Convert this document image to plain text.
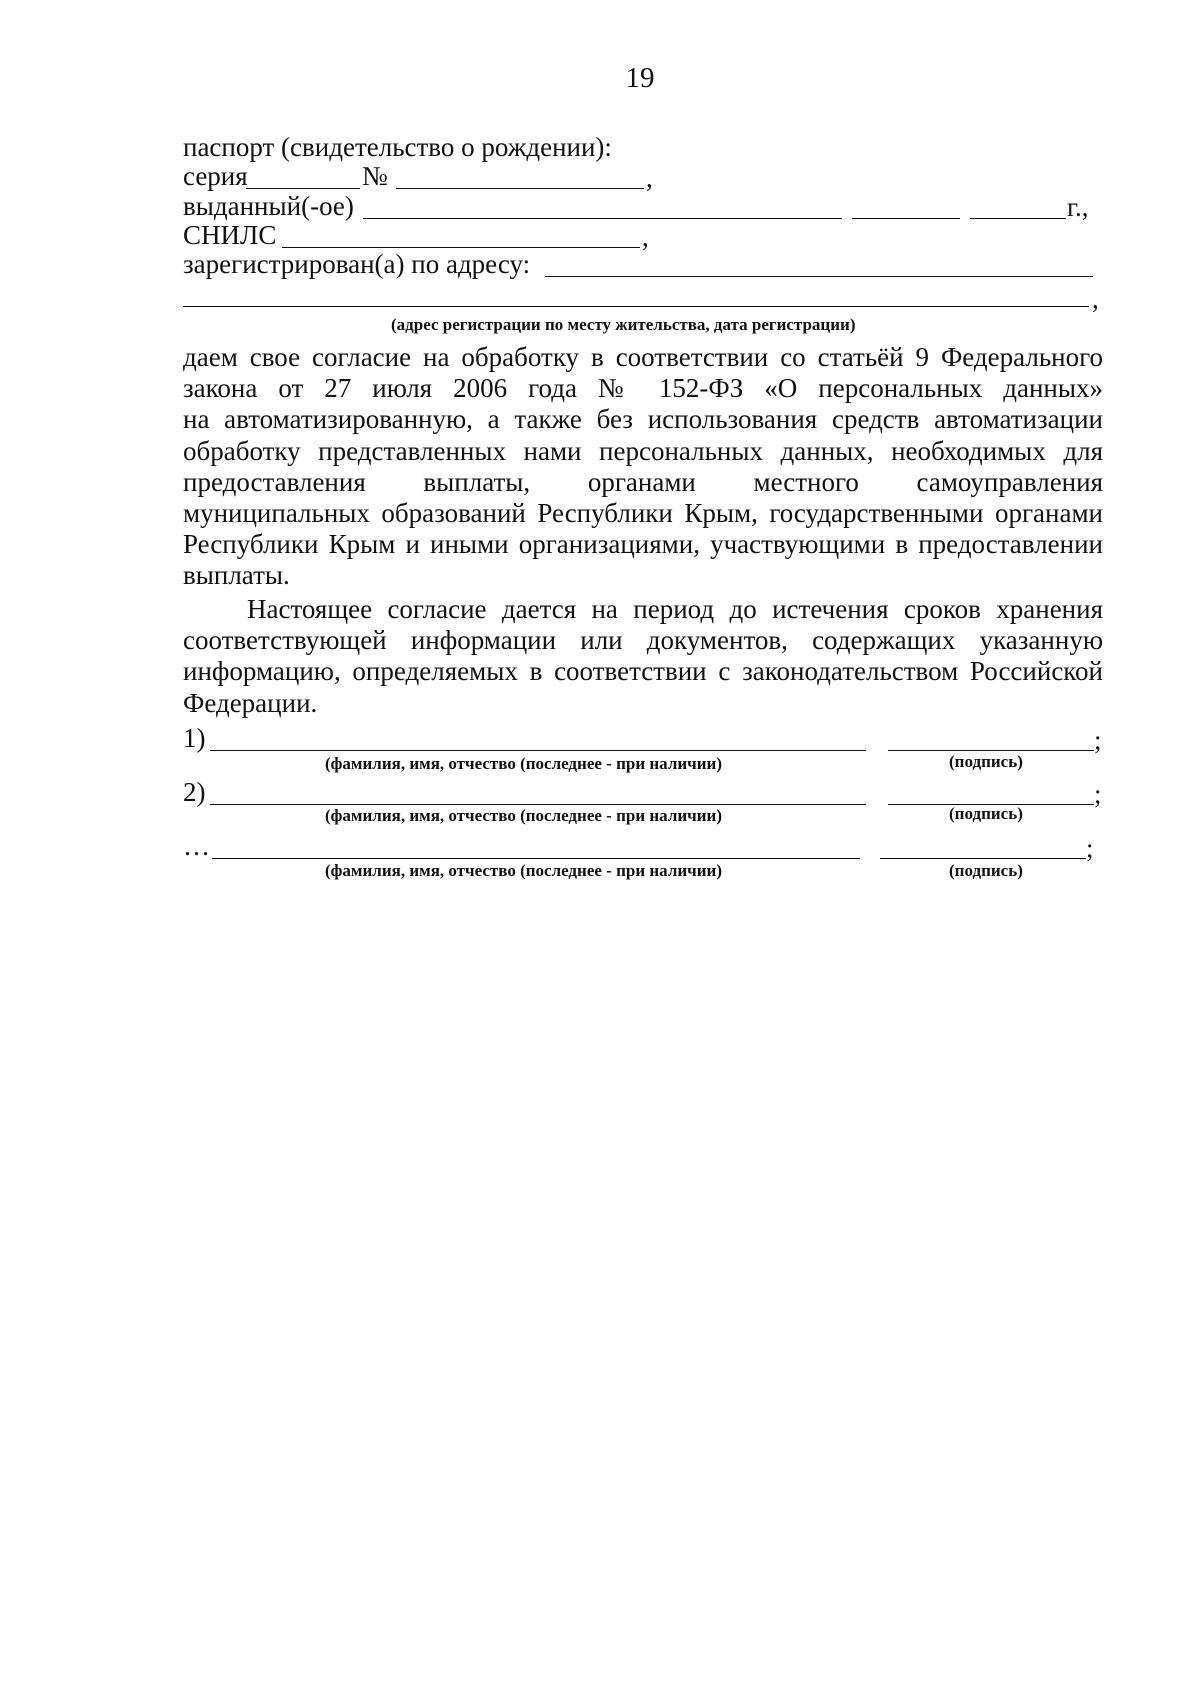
19
паспорт (свидетельство о рождении):
серия	№	,
выданный(-ое)	г.,
СНИЛС	,
зарегистрирован(а) по адресу:
,
(адрес регистрации по месту жительства, дата регистрации)

даем свое согласие на обработку в соответствии со статьёй 9 Федерального

закона от 27 июля 2006 года № 152-ФЗ «О персональных данных»

на автоматизированную, а также без использования средств автоматизации

обработку представленных нами персональных данных, необходимых для

предоставления выплаты, органами местного самоуправления

муниципальных образований Республики Крым, государственными органами

Республики Крым и иными организациями, участвующими в предоставлении

выплаты.

Настоящее согласие дается на период до истечения сроков хранения

соответствующей информации или документов, содержащих указанную

информацию, определяемых в соответствии с законодательством Российской

Федерации.

1)	;
(фамилия, имя, отчество (последнее - при наличии)	(подпись)
2)	;
(фамилия, имя, отчество (последнее - при наличии)	(подпись)
…	;
(фамилия, имя, отчество (последнее - при наличии)	(подпись)
